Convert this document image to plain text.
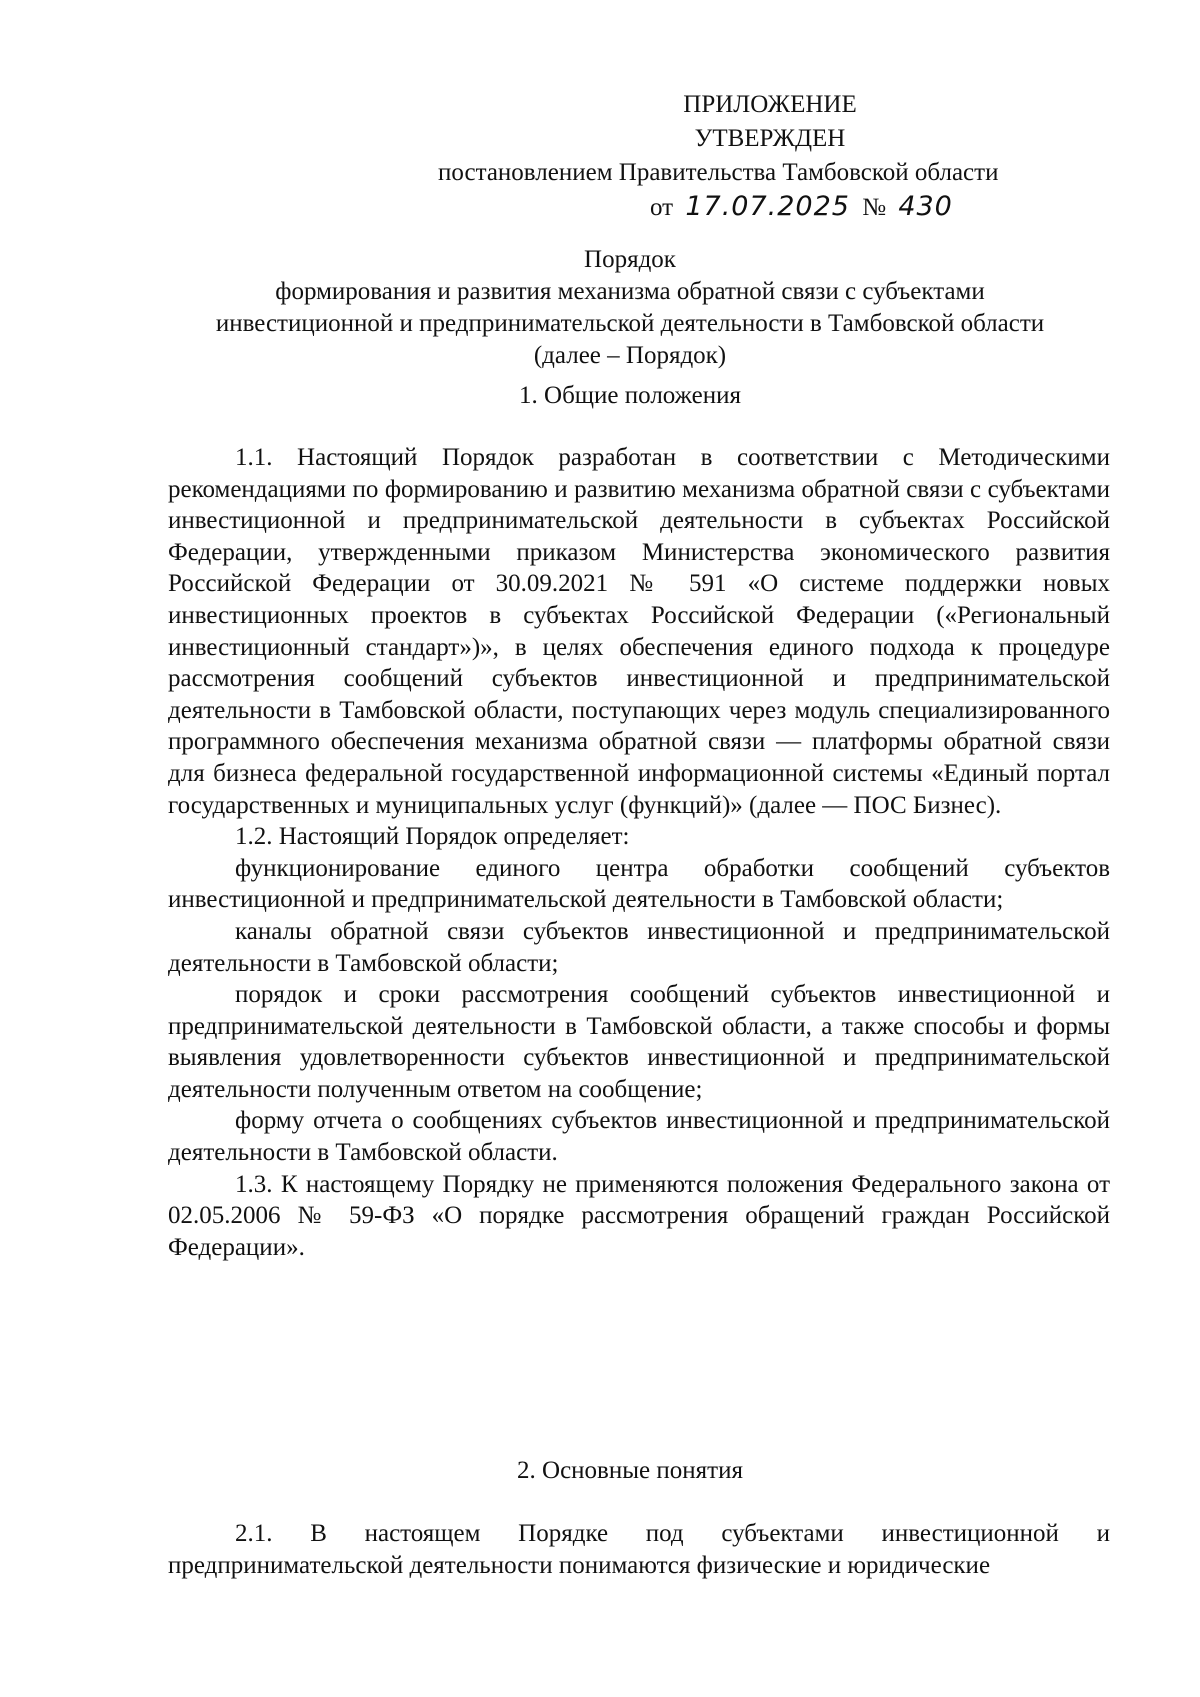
ПРИЛОЖЕНИЕ
УТВЕРЖДЕН
постановлением Правительства Тамбовской области
от 17.07.2025 № 430
Порядок
формирования и развития механизма обратной связи с субъектами
инвестиционной и предпринимательской деятельности в Тамбовской области
(далее – Порядок)
1. Общие положения

1.1. Настоящий Порядок разработан в соответствии с Методическими рекомендациями по формированию и развитию механизма обратной связи с субъектами инвестиционной и предпринимательской деятельности в субъектах Российской Федерации, утвержденными приказом Министерства экономического развития Российской Федерации от 30.09.2021 № 591 «О системе поддержки новых инвестиционных проектов в субъектах Российской Федерации («Региональный инвестиционный стандарт»)», в целях обеспечения единого подхода к процедуре рассмотрения сообщений субъектов инвестиционной и предпринимательской деятельности в Тамбовской области, поступающих через модуль специализированного программного обеспечения механизма обратной связи — платформы обратной связи для бизнеса федеральной государственной информационной системы «Единый портал государственных и муниципальных услуг (функций)» (далее — ПОС Бизнес).

1.2. Настоящий Порядок определяет:

функционирование единого центра обработки сообщений субъектов инвестиционной и предпринимательской деятельности в Тамбовской области;

каналы обратной связи субъектов инвестиционной и предпринимательской деятельности в Тамбовской области;

порядок и сроки рассмотрения сообщений субъектов инвестиционной и предпринимательской деятельности в Тамбовской области, а также способы и формы выявления удовлетворенности субъектов инвестиционной и предпринимательской деятельности полученным ответом на сообщение;

форму отчета о сообщениях субъектов инвестиционной и предпринимательской деятельности в Тамбовской области.

1.3. К настоящему Порядку не применяются положения Федерального закона от 02.05.2006 № 59-ФЗ «О порядке рассмотрения обращений граждан Российской Федерации».

2. Основные понятия

2.1. В настоящем Порядке под субъектами инвестиционной и предпринимательской деятельности понимаются физические и юридические
